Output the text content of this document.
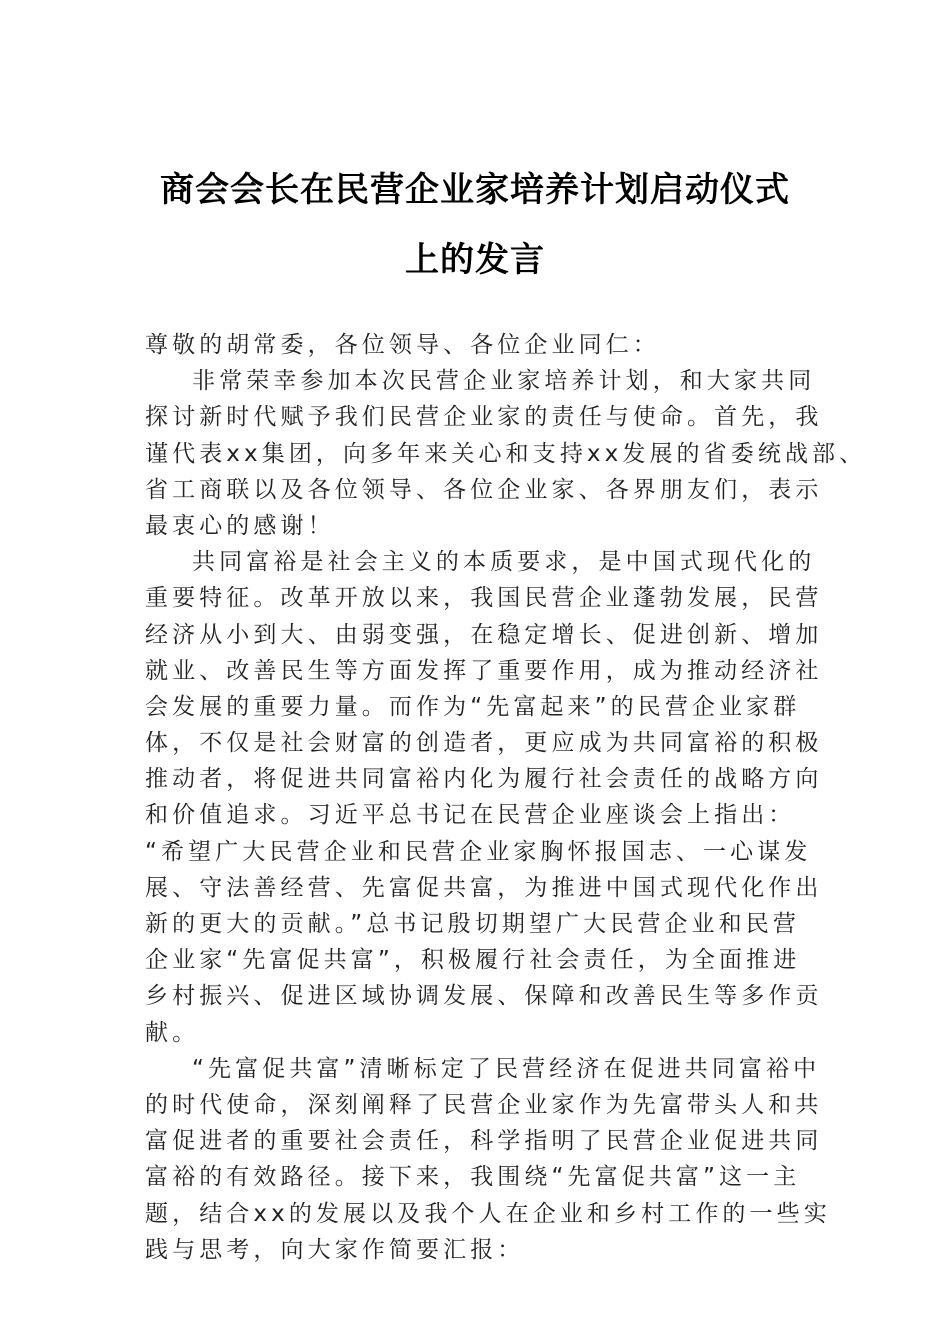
商会会长在民营企业家培养计划启动仪式
上的发言
尊敬的胡常委，各位领导、各位企业同仁：
非常荣幸参加本次民营企业家培养计划，和大家共同
探讨新时代赋予我们民营企业家的责任与使命。首先，我
谨代表xx集团，向多年来关心和支持xx发展的省委统战部、
省工商联以及各位领导、各位企业家、各界朋友们，表示
最衷心的感谢！
共同富裕是社会主义的本质要求，是中国式现代化的
重要特征。改革开放以来，我国民营企业蓬勃发展，民营
经济从小到大、由弱变强，在稳定增长、促进创新、增加
就业、改善民生等方面发挥了重要作用，成为推动经济社
会发展的重要力量。而作为“先富起来”的民营企业家群
体，不仅是社会财富的创造者，更应成为共同富裕的积极
推动者，将促进共同富裕内化为履行社会责任的战略方向
和价值追求。习近平总书记在民营企业座谈会上指出：
“希望广大民营企业和民营企业家胸怀报国志、一心谋发
展、守法善经营、先富促共富，为推进中国式现代化作出
新的更大的贡献。”总书记殷切期望广大民营企业和民营
企业家“先富促共富”，积极履行社会责任，为全面推进
乡村振兴、促进区域协调发展、保障和改善民生等多作贡
献。
“先富促共富”清晰标定了民营经济在促进共同富裕中
的时代使命，深刻阐释了民营企业家作为先富带头人和共
富促进者的重要社会责任，科学指明了民营企业促进共同
富裕的有效路径。接下来，我围绕“先富促共富”这一主
题，结合xx的发展以及我个人在企业和乡村工作的一些实
践与思考，向大家作简要汇报：
